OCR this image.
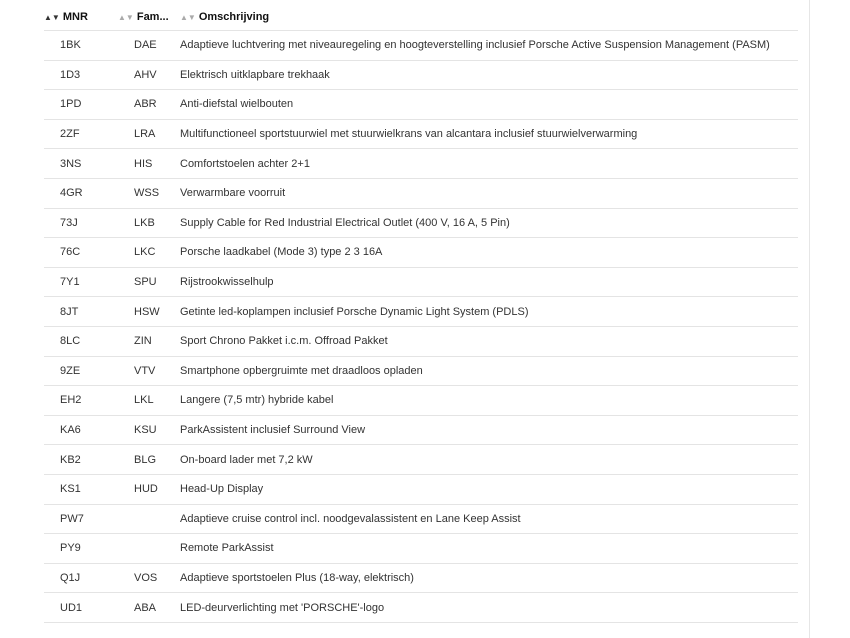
▲▼ MNR	▲▼ Fam...	▲▼ Omschrijving
1BK	DAE	Adaptieve luchtvering met niveauregeling en hoogteverstelling inclusief Porsche Active Suspension Management (PASM)
1D3	AHV	Elektrisch uitklapbare trekhaak
1PD	ABR	Anti-diefstal wielbouten
2ZF	LRA	Multifunctioneel sportstuurwiel met stuurwielkrans van alcantara inclusief stuurwielverwarming
3NS	HIS	Comfortstoelen achter 2+1
4GR	WSS	Verwarmbare voorruit
73J	LKB	Supply Cable for Red Industrial Electrical Outlet (400 V, 16 A, 5 Pin)
76C	LKC	Porsche laadkabel (Mode 3) type 2 3 16A
7Y1	SPU	Rijstrookwisselhulp
8JT	HSW	Getinte led-koplampen inclusief Porsche Dynamic Light System (PDLS)
8LC	ZIN	Sport Chrono Pakket i.c.m. Offroad Pakket
9ZE	VTV	Smartphone opbergruimte met draadloos opladen
EH2	LKL	Langere (7,5 mtr) hybride kabel
KA6	KSU	ParkAssistent inclusief Surround View
KB2	BLG	On-board lader met 7,2 kW
KS1	HUD	Head-Up Display
PW7		Adaptieve cruise control incl. noodgevalassistent en Lane Keep Assist
PY9		Remote ParkAssist
Q1J	VOS	Adaptieve sportstoelen Plus (18-way, elektrisch)
UD1	ABA	LED-deurverlichting met 'PORSCHE'-logo
